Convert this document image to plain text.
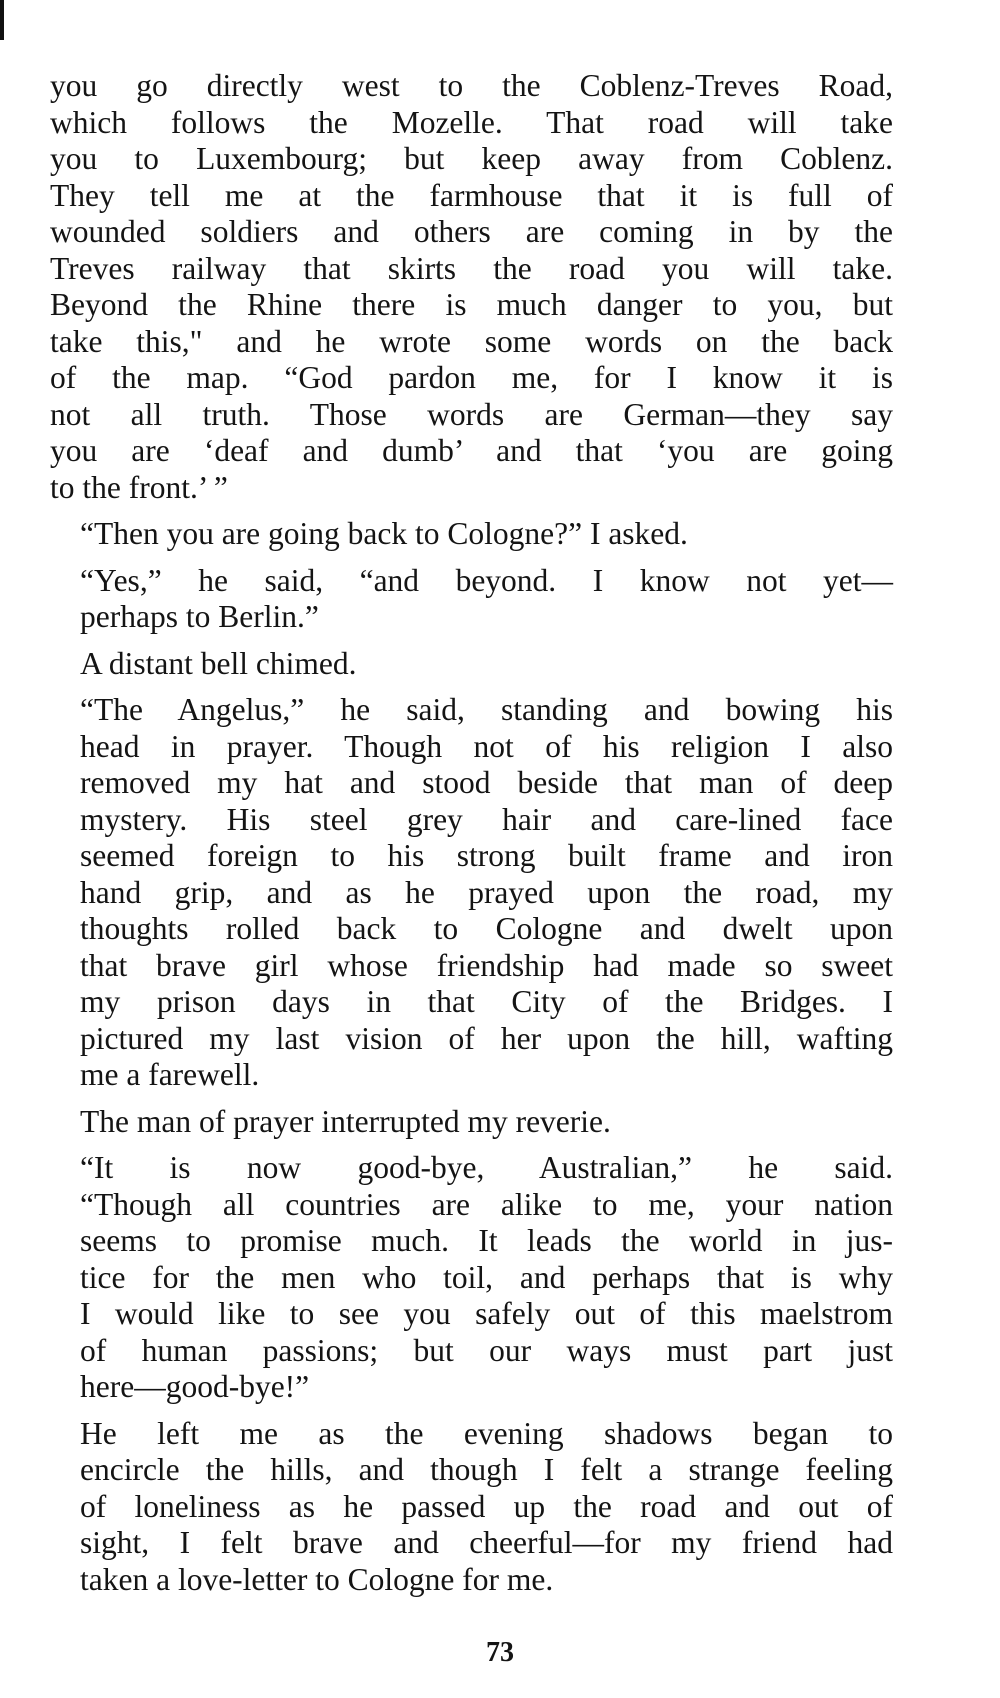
you go directly west to the Coblenz-Treves Road,
which follows the Mozelle. That road will take
you to Luxembourg; but keep away from Coblenz.
They tell me at the farmhouse that it is full of
wounded soldiers and others are coming in by the
Treves railway that skirts the road you will take.
Beyond the Rhine there is much danger to you, but
take this," and he wrote some words on the back
of the map. “God pardon me, for I know it is
not all truth. Those words are German—they say
you are ‘deaf and dumb’ and that ‘you are going
to the front.’ ”
“Then you are going back to Cologne?” I asked.
“Yes,” he said, “and beyond. I know not yet—
perhaps to Berlin.”
A distant bell chimed.
“The Angelus,” he said, standing and bowing his
head in prayer. Though not of his religion I also
removed my hat and stood beside that man of deep
mystery. His steel grey hair and care-lined face
seemed foreign to his strong built frame and iron
hand grip, and as he prayed upon the road, my
thoughts rolled back to Cologne and dwelt upon
that brave girl whose friendship had made so sweet
my prison days in that City of the Bridges. I
pictured my last vision of her upon the hill, wafting
me a farewell.
The man of prayer interrupted my reverie.
“It is now good-bye, Australian,” he said.
“Though all countries are alike to me, your nation
seems to promise much. It leads the world in jus-
tice for the men who toil, and perhaps that is why
I would like to see you safely out of this maelstrom
of human passions; but our ways must part just
here—good-bye!”
He left me as the evening shadows began to
encircle the hills, and though I felt a strange feeling
of loneliness as he passed up the road and out of
sight, I felt brave and cheerful—for my friend had
taken a love-letter to Cologne for me.
73
